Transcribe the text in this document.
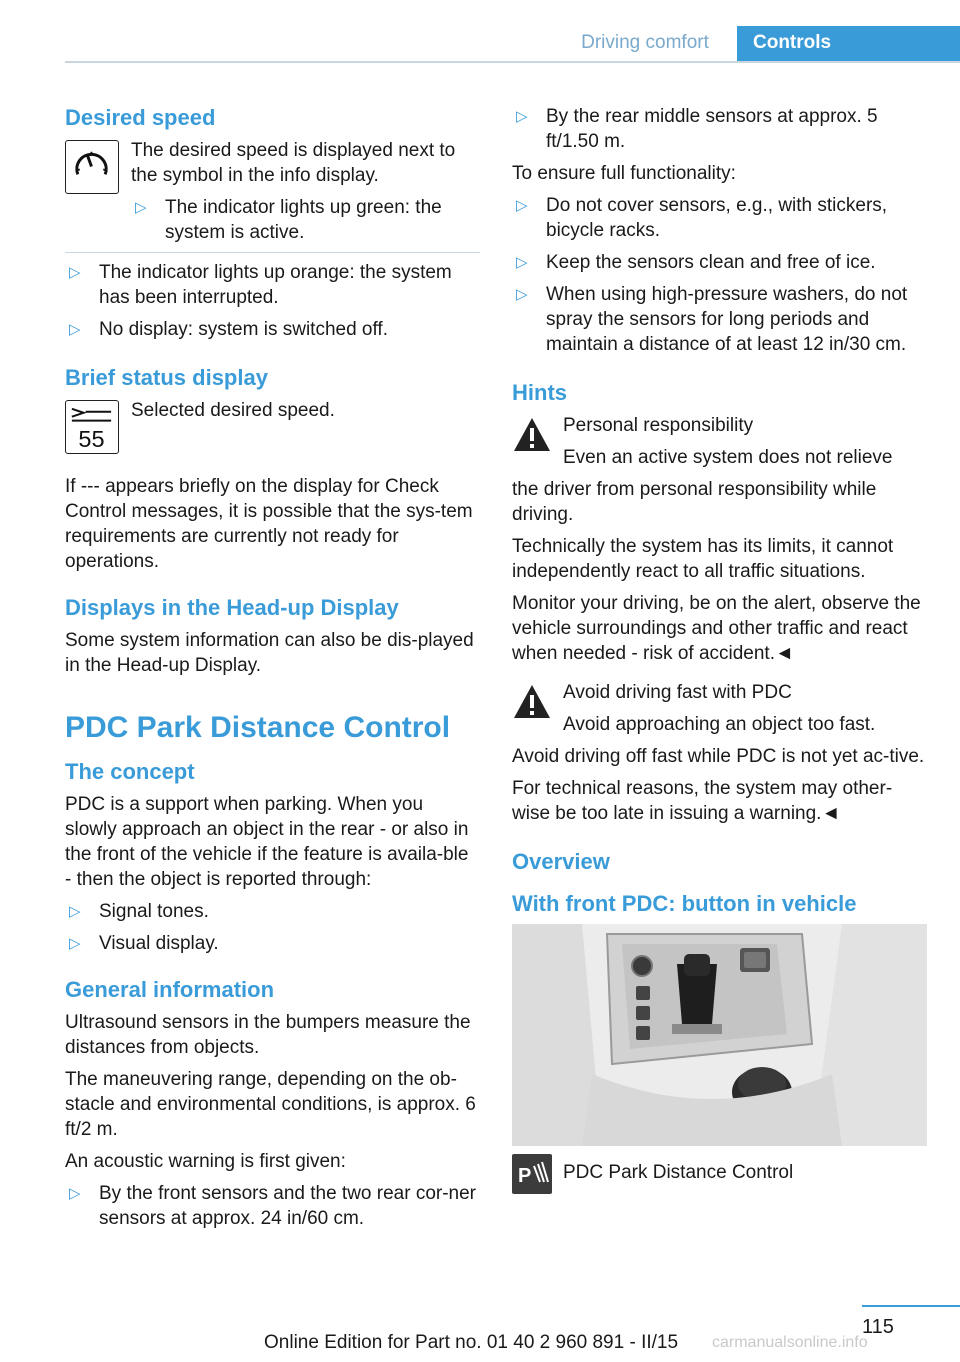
Driving comfort	Controls
Desired speed

The desired speed is displayed next to the symbol in the info display.

▷ The indicator lights up green: the system is active.
▷ The indicator lights up orange: the system has been interrupted.
▷ No display: system is switched off.
Brief status display
55

Selected desired speed.

If --- appears briefly on the display for Check Control messages, it is possible that the sys-tem requirements are currently not ready for operations.

Displays in the Head-up Display

Some system information can also be dis-played in the Head-up Display.

PDC Park Distance Control
The concept

PDC is a support when parking. When you slowly approach an object in the rear - or also in the front of the vehicle if the feature is availa-ble - then the object is reported through:

▷ Signal tones.
▷ Visual display.
General information

Ultrasound sensors in the bumpers measure the distances from objects.

The maneuvering range, depending on the ob-stacle and environmental conditions, is approx. 6 ft/2 m.

An acoustic warning is first given:

▷ By the front sensors and the two rear cor-ner sensors at approx. 24 in/60 cm.
▷ By the rear middle sensors at approx. 5 ft/1.50 m.

To ensure full functionality:

▷ Do not cover sensors, e.g., with stickers, bicycle racks.
▷ Keep the sensors clean and free of ice.
▷ When using high-pressure washers, do not spray the sensors for long periods and maintain a distance of at least 12 in/30 cm.
Hints

Personal responsibility

Even an active system does not relieve

the driver from personal responsibility while driving.

Technically the system has its limits, it cannot independently react to all traffic situations.

Monitor your driving, be on the alert, observe the vehicle surroundings and other traffic and react when needed - risk of accident.◄

Avoid driving fast with PDC

Avoid approaching an object too fast.

Avoid driving off fast while PDC is not yet ac-tive.

For technical reasons, the system may other-wise be too late in issuing a warning.◄

Overview
With front PDC: button in vehicle
P PDC Park Distance Control

115
Online Edition for Part no. 01 40 2 960 891 - II/15 carmanualsonline.info
